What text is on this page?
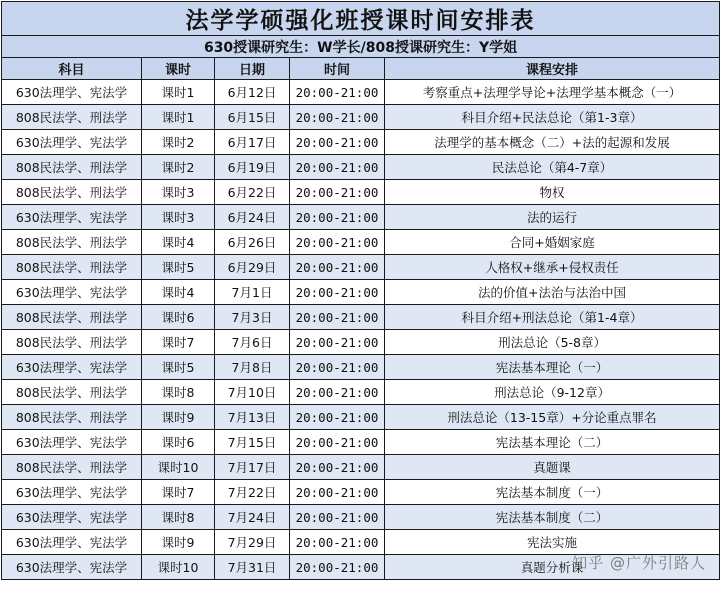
法学学硕强化班授课时间安排表				
630授课研究生：W学长/808授课研究生：Y学姐				
科目	课时	日期	时间	课程安排
630法理学、宪法学	课时1	6月12日	20:00-21:00	考察重点+法理学导论+法理学基本概念（一）
808民法学、刑法学	课时1	6月15日	20:00-21:00	科目介绍+民法总论（第1-3章）
630法理学、宪法学	课时2	6月17日	20:00-21:00	法理学的基本概念（二）+法的起源和发展
808民法学、刑法学	课时2	6月19日	20:00-21:00	民法总论（第4-7章）
808民法学、刑法学	课时3	6月22日	20:00-21:00	物权
630法理学、宪法学	课时3	6月24日	20:00-21:00	法的运行
808民法学、刑法学	课时4	6月26日	20:00-21:00	合同+婚姻家庭
808民法学、刑法学	课时5	6月29日	20:00-21:00	人格权+继承+侵权责任
630法理学、宪法学	课时4	7月1日	20:00-21:00	法的价值+法治与法治中国
808民法学、刑法学	课时6	7月3日	20:00-21:00	科目介绍+刑法总论（第1-4章）
808民法学、刑法学	课时7	7月6日	20:00-21:00	刑法总论（5-8章）
630法理学、宪法学	课时5	7月8日	20:00-21:00	宪法基本理论（一）
808民法学、刑法学	课时8	7月10日	20:00-21:00	刑法总论（9-12章）
808民法学、刑法学	课时9	7月13日	20:00-21:00	刑法总论（13-15章）+分论重点罪名
630法理学、宪法学	课时6	7月15日	20:00-21:00	宪法基本理论（二）
808民法学、刑法学	课时10	7月17日	20:00-21:00	真题课
630法理学、宪法学	课时7	7月22日	20:00-21:00	宪法基本制度（一）
630法理学、宪法学	课时8	7月24日	20:00-21:00	宪法基本制度（二）
630法理学、宪法学	课时9	7月29日	20:00-21:00	宪法实施
630法理学、宪法学	课时10	7月31日	20:00-21:00	真题分析课
知乎 @广外引路人
